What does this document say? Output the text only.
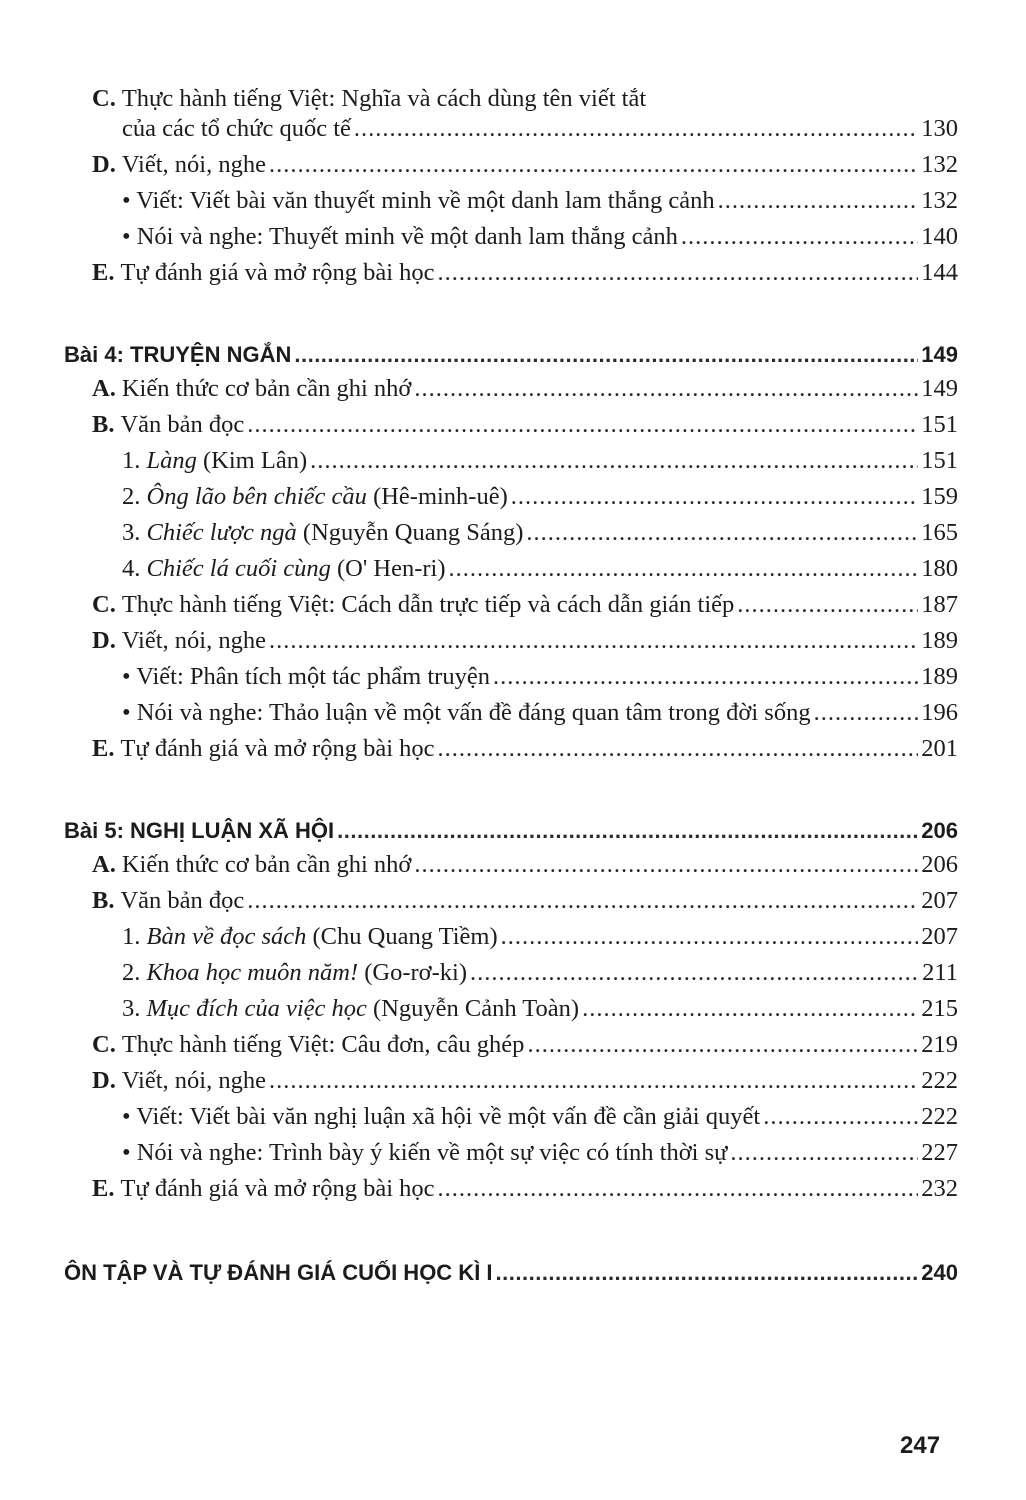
C. Thực hành tiếng Việt: Nghĩa và cách dùng tên viết tắt
của các tổ chức quốc tế .....	130
D. Viết, nói, nghe .....	132
• Viết: Viết bài văn thuyết minh về một danh lam thắng cảnh .....	132
• Nói và nghe: Thuyết minh về một danh lam thắng cảnh .....	140
E. Tự đánh giá và mở rộng bài học .....	144
Bài 4: TRUYỆN NGẮN .....	149
A. Kiến thức cơ bản cần ghi nhớ .....	149
B. Văn bản đọc .....	151
1. Làng (Kim Lân) .....	151
2. Ông lão bên chiếc cầu (Hê-minh-uê) .....	159
3. Chiếc lược ngà (Nguyễn Quang Sáng) .....	165
4. Chiếc lá cuối cùng (O' Hen-ri) .....	180
C. Thực hành tiếng Việt: Cách dẫn trực tiếp và cách dẫn gián tiếp .....	187
D. Viết, nói, nghe .....	189
• Viết: Phân tích một tác phẩm truyện .....	189
• Nói và nghe: Thảo luận về một vấn đề đáng quan tâm trong đời sống .....	196
E. Tự đánh giá và mở rộng bài học .....	201
Bài 5: NGHỊ LUẬN XÃ HỘI .....	206
A. Kiến thức cơ bản cần ghi nhớ .....	206
B. Văn bản đọc .....	207
1. Bàn về đọc sách (Chu Quang Tiềm) .....	207
2. Khoa học muôn năm! (Go-rơ-ki) .....	211
3. Mục đích của việc học (Nguyễn Cảnh Toàn) .....	215
C. Thực hành tiếng Việt: Câu đơn, câu ghép .....	219
D. Viết, nói, nghe .....	222
• Viết: Viết bài văn nghị luận xã hội về một vấn đề cần giải quyết .....	222
• Nói và nghe: Trình bày ý kiến về một sự việc có tính thời sự .....	227
E. Tự đánh giá và mở rộng bài học .....	232
ÔN TẬP VÀ TỰ ĐÁNH GIÁ CUỐI HỌC KÌ I .....	240
247
